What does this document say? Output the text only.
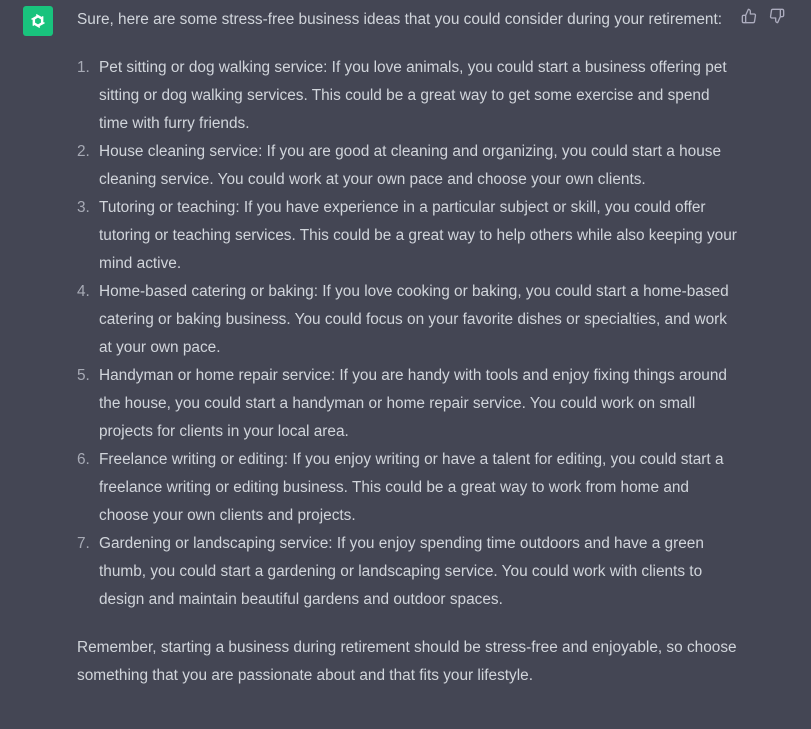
Sure, here are some stress-free business ideas that you could consider during your retirement:

1. Pet sitting or dog walking service: If you love animals, you could start a business offering pet sitting or dog walking services. This could be a great way to get some exercise and spend time with furry friends.
2. House cleaning service: If you are good at cleaning and organizing, you could start a house cleaning service. You could work at your own pace and choose your own clients.
3. Tutoring or teaching: If you have experience in a particular subject or skill, you could offer tutoring or teaching services. This could be a great way to help others while also keeping your mind active.
4. Home-based catering or baking: If you love cooking or baking, you could start a home-based catering or baking business. You could focus on your favorite dishes or specialties, and work at your own pace.
5. Handyman or home repair service: If you are handy with tools and enjoy fixing things around the house, you could start a handyman or home repair service. You could work on small projects for clients in your local area.
6. Freelance writing or editing: If you enjoy writing or have a talent for editing, you could start a freelance writing or editing business. This could be a great way to work from home and choose your own clients and projects.
7. Gardening or landscaping service: If you enjoy spending time outdoors and have a green thumb, you could start a gardening or landscaping service. You could work with clients to design and maintain beautiful gardens and outdoor spaces.

Remember, starting a business during retirement should be stress-free and enjoyable, so choose something that you are passionate about and that fits your lifestyle.
